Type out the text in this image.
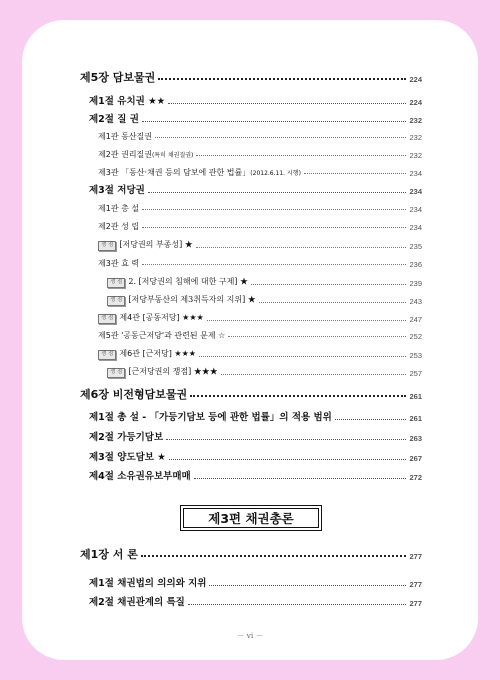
제5장 담보물권	224
제1절 유치권 ★★	224
제2절 질 권	232
제1관 동산질권	232
제2관 권리질권(특히 채권질권)	232
제3관 「동산·채권 등의 담보에 관한 법률」(2012.6.11. 시행)	234
제3절 저당권	234
제1관 총 설	234
제2관 성 립	234
쟁 점 [저당권의 부종성] ★	235
제3관 효 력	236
쟁 점 2. [저당권의 침해에 대한 구제] ★	239
쟁 점 [저당부동산의 제3취득자의 지위] ★	243
쟁 점 제4관 [공동저당] ★★★	247
제5관 '공동근저당'과 관련된 문제 ☆	252
쟁 점 제6관 [근저당] ★★★	253
쟁 점 [근저당권의 쟁점] ★★★	257
제6장 비전형담보물권	261
제1절 총 설 - 「가등기담보 등에 관한 법률」의 적용 범위	261
제2절 가등기담보	263
제3절 양도담보 ★	267
제4절 소유권유보부매매	272
제1장 서 론	277
제1절 채권법의 의의와 지위	277
제2절 채권관계의 특질	277
제3편 채권총론
－ vi －
